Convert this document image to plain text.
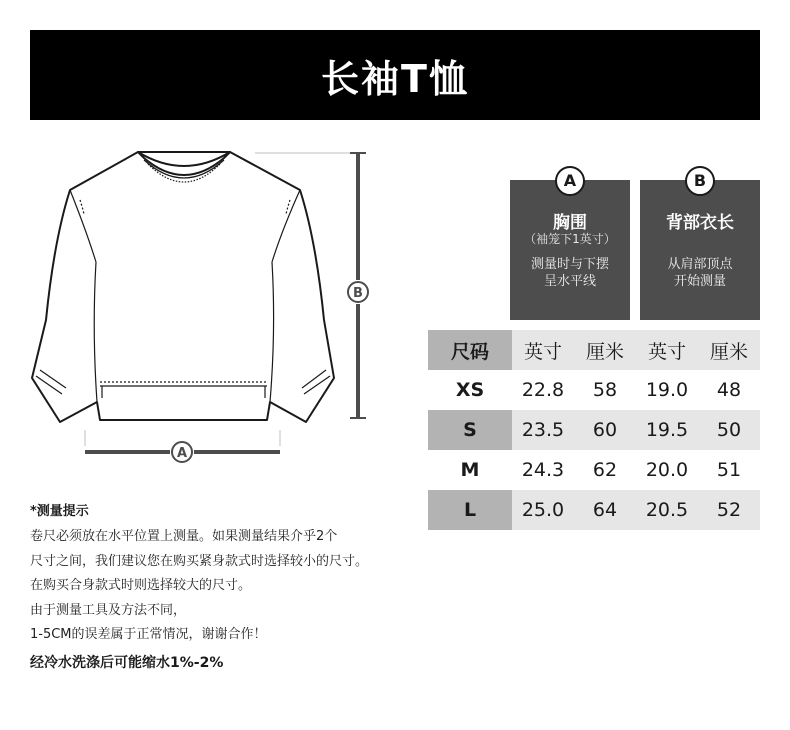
长袖T恤
B
A
A
胸围
（袖笼下1英寸）
测量时与下摆
呈水平线
B
背部衣长
从肩部顶点
开始测量
尺码	英寸	厘米	英寸	厘米
XS	22.8	58	19.0	48
S	23.5	60	19.5	50
M	24.3	62	20.0	51
L	25.0	64	20.5	52
*测量提示
卷尺必须放在水平位置上测量。如果测量结果介乎2个
尺寸之间，我们建议您在购买紧身款式时选择较小的尺寸。
在购买合身款式时则选择较大的尺寸。
由于测量工具及方法不同，
1-5CM的误差属于正常情况，谢谢合作！
经冷水洗涤后可能缩水1%-2%
